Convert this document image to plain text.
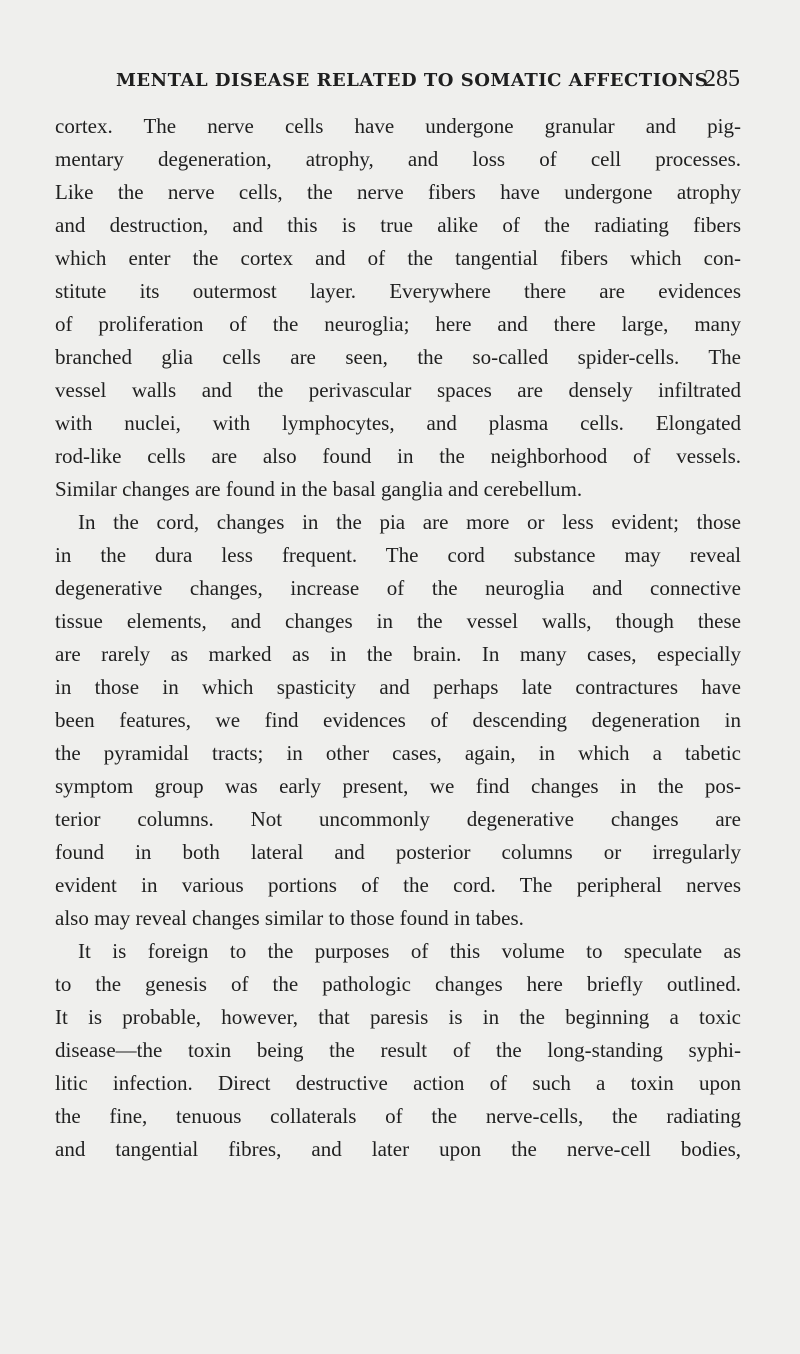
MENTAL DISEASE RELATED TO SOMATIC AFFECTIONS
285
cortex. The nerve cells have undergone granular and pig-
mentary degeneration, atrophy, and loss of cell processes.
Like the nerve cells, the nerve fibers have undergone atrophy
and destruction, and this is true alike of the radiating fibers
which enter the cortex and of the tangential fibers which con-
stitute its outermost layer. Everywhere there are evidences
of proliferation of the neuroglia; here and there large, many
branched glia cells are seen, the so-called spider-cells. The
vessel walls and the perivascular spaces are densely infiltrated
with nuclei, with lymphocytes, and plasma cells. Elongated
rod-like cells are also found in the neighborhood of vessels.
Similar changes are found in the basal ganglia and cerebellum.
In the cord, changes in the pia are more or less evident; those
in the dura less frequent. The cord substance may reveal
degenerative changes, increase of the neuroglia and connective
tissue elements, and changes in the vessel walls, though these
are rarely as marked as in the brain. In many cases, especially
in those in which spasticity and perhaps late contractures have
been features, we find evidences of descending degeneration in
the pyramidal tracts; in other cases, again, in which a tabetic
symptom group was early present, we find changes in the pos-
terior columns. Not uncommonly degenerative changes are
found in both lateral and posterior columns or irregularly
evident in various portions of the cord. The peripheral nerves
also may reveal changes similar to those found in tabes.
It is foreign to the purposes of this volume to speculate as
to the genesis of the pathologic changes here briefly outlined.
It is probable, however, that paresis is in the beginning a toxic
disease—the toxin being the result of the long-standing syphi-
litic infection. Direct destructive action of such a toxin upon
the fine, tenuous collaterals of the nerve-cells, the radiating
and tangential fibres, and later upon the nerve-cell bodies,
